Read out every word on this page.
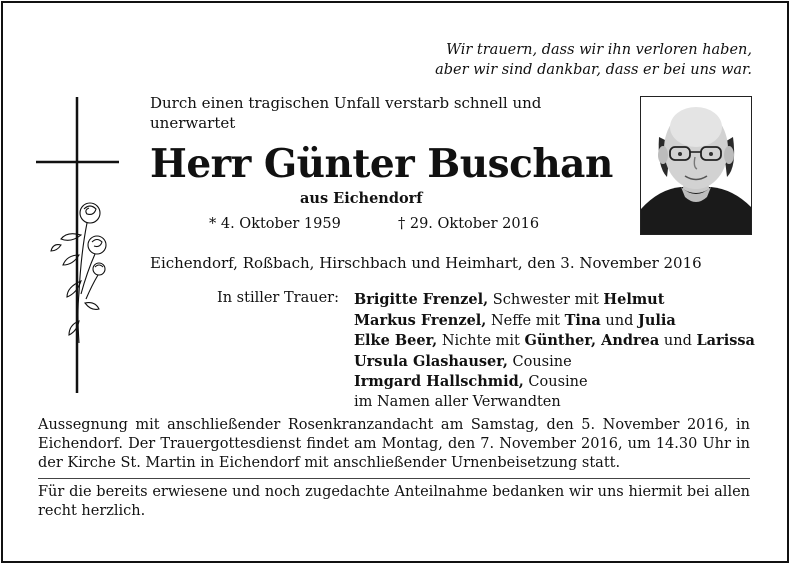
Wir trauern, dass wir ihn verloren haben,
aber wir sind dankbar, dass er bei uns war.
Durch einen tragischen Unfall verstarb schnell und unerwartet
Herr Günter Buschan
aus Eichendorf
* 4. Oktober 1959	† 29. Oktober 2016
Eichendorf, Roßbach, Hirschbach und Heimhart, den 3. November 2016
In stiller Trauer: Brigitte Frenzel, Schwester mit Helmut
Markus Frenzel, Neffe mit Tina und Julia
Elke Beer, Nichte mit Günther, Andrea und Larissa
Ursula Glashauser, Cousine
Irmgard Hallschmid, Cousine
im Namen aller Verwandten
Aussegnung mit anschließender Rosenkranzandacht am Samstag, den 5. November 2016, in Eichendorf. Der Trauergottesdienst findet am Montag, den 7. November 2016, um 14.30 Uhr in der Kirche St. Martin in Eichendorf mit anschließender Urnenbeisetzung statt.
Für die bereits erwiesene und noch zugedachte Anteilnahme bedanken wir uns hiermit bei allen recht herzlich.
